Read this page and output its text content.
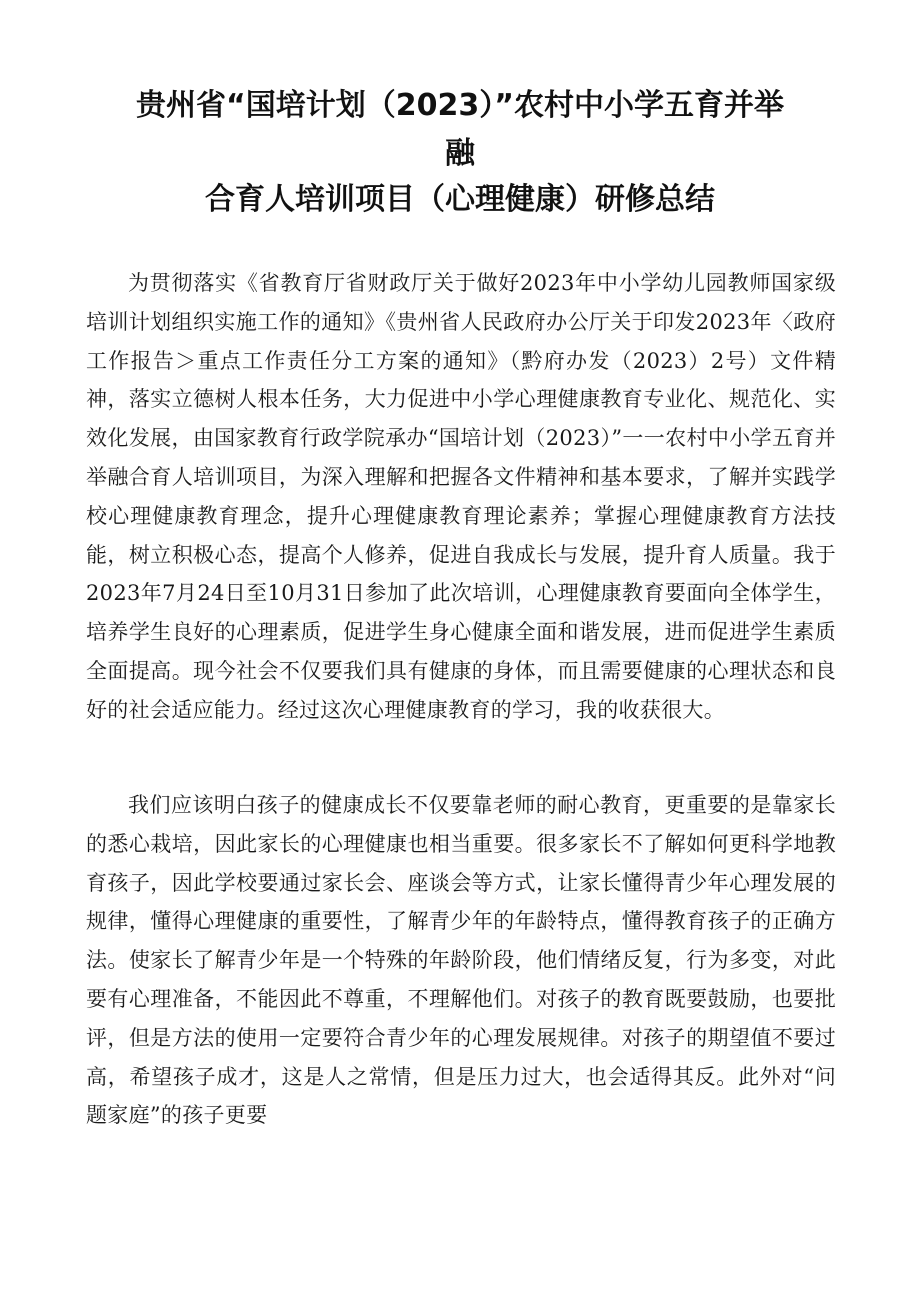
贵州省“国培计划（2023）”农村中小学五育并举
融
合育人培训项目（心理健康）研修总结

为贯彻落实《省教育厅省财政厅关于做好2023年中小学幼儿园教师国家级培训计划组织实施工作的通知》《贵州省人民政府办公厅关于印发2023年〈政府工作报告＞重点工作责任分工方案的通知》（黔府办发（2023）2号）文件精神，落实立德树人根本任务，大力促进中小学心理健康教育专业化、规范化、实效化发展，由国家教育行政学院承办“国培计划（2023）”一一农村中小学五育并举融合育人培训项目，为深入理解和把握各文件精神和基本要求，了解并实践学校心理健康教育理念，提升心理健康教育理论素养；掌握心理健康教育方法技能，树立积极心态，提高个人修养，促进自我成长与发展，提升育人质量。我于2023年7月24日至10月31日参加了此次培训，心理健康教育要面向全体学生，培养学生良好的心理素质，促进学生身心健康全面和谐发展，进而促进学生素质全面提高。现今社会不仅要我们具有健康的身体，而且需要健康的心理状态和良好的社会适应能力。经过这次心理健康教育的学习，我的收获很大。

我们应该明白孩子的健康成长不仅要靠老师的耐心教育，更重要的是靠家长的悉心栽培，因此家长的心理健康也相当重要。很多家长不了解如何更科学地教育孩子，因此学校要通过家长会、座谈会等方式，让家长懂得青少年心理发展的规律，懂得心理健康的重要性，了解青少年的年龄特点，懂得教育孩子的正确方法。使家长了解青少年是一个特殊的年龄阶段，他们情绪反复，行为多变，对此要有心理准备，不能因此不尊重，不理解他们。对孩子的教育既要鼓励，也要批评，但是方法的使用一定要符合青少年的心理发展规律。对孩子的期望值不要过高，希望孩子成才，这是人之常情，但是压力过大，也会适得其反。此外对“问题家庭”的孩子更要
